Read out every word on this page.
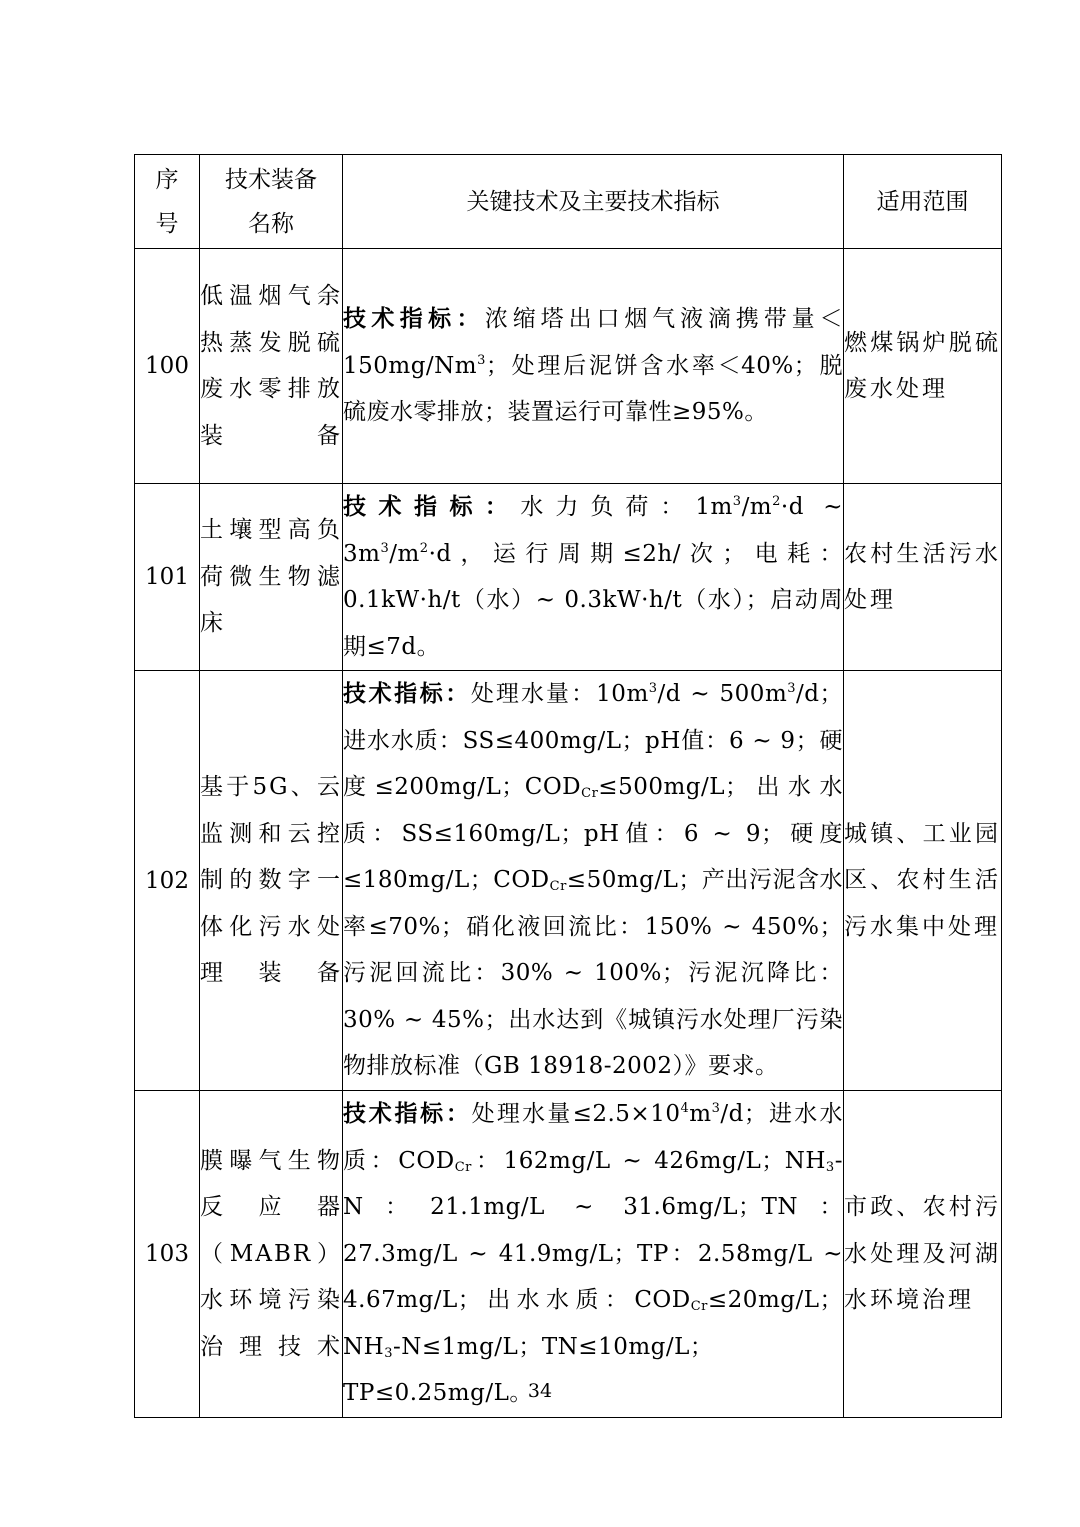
序号	技术装备名称	关键技术及主要技术指标	适用范围
100	低温烟气余热蒸发脱硫废水零排放装备	技术指标：浓缩塔出口烟气液滴携带量$<150mg/Nm^3$；处理后泥饼含水率＜40%；脱硫废水零排放；装置运行可靠性≥95%。	燃煤锅炉脱硫废水处理
101	土壤型高负荷微生物滤床	技术指标：水力负荷：$1m^3/m^2\cdot d$ ~ $3m^3/m^2\cdot d$，运行周期≤2h/次；电耗：0.1kW·h/t（水）~ 0.3kW·h/t（水）；启动周期≤7d。	农村生活污水处理
102	基于5G、云监测和云控制的数字一体化污水处理装备	技术指标：处理水量：$10m^3/d$ ~ $500m^3/d$；进水水质：SS≤400mg/L；pH值：6 ~ 9；硬度≤200mg/L；$COD_{Cr}\le 500mg/L$；出水水质：SS≤160mg/L；pH值：6 ~ 9；硬度≤180mg/L；$COD_{Cr}\le 50mg/L$；产出污泥含水率≤70%；硝化液回流比：150% ~ 450%；污泥回流比：30% ~ 100%；污泥沉降比：30% ~ 45%；出水达到《城镇污水处理厂污染物排放标准（GB 18918-2002）》要求。	城镇、工业园区、农村生活污水集中处理
103	膜曝气生物反应器（MABR）水环境污染治理技术	技术指标：处理水量$\le 2.5\times 10^4m^3/d$；进水水质：$COD_{Cr}$：162mg/L ~ 426mg/L；$NH_3-N$：21.1mg/L ~ 31.6mg/L；TN：27.3mg/L ~ 41.9mg/L；TP：2.58mg/L ~ 4.67mg/L；出水水质：$COD_{Cr}\le 20mg/L$；$NH_3-N\le 1mg/L$；TN≤10mg/L；TP≤0.25mg/L。	市政、农村污水处理及河湖水环境治理
34
